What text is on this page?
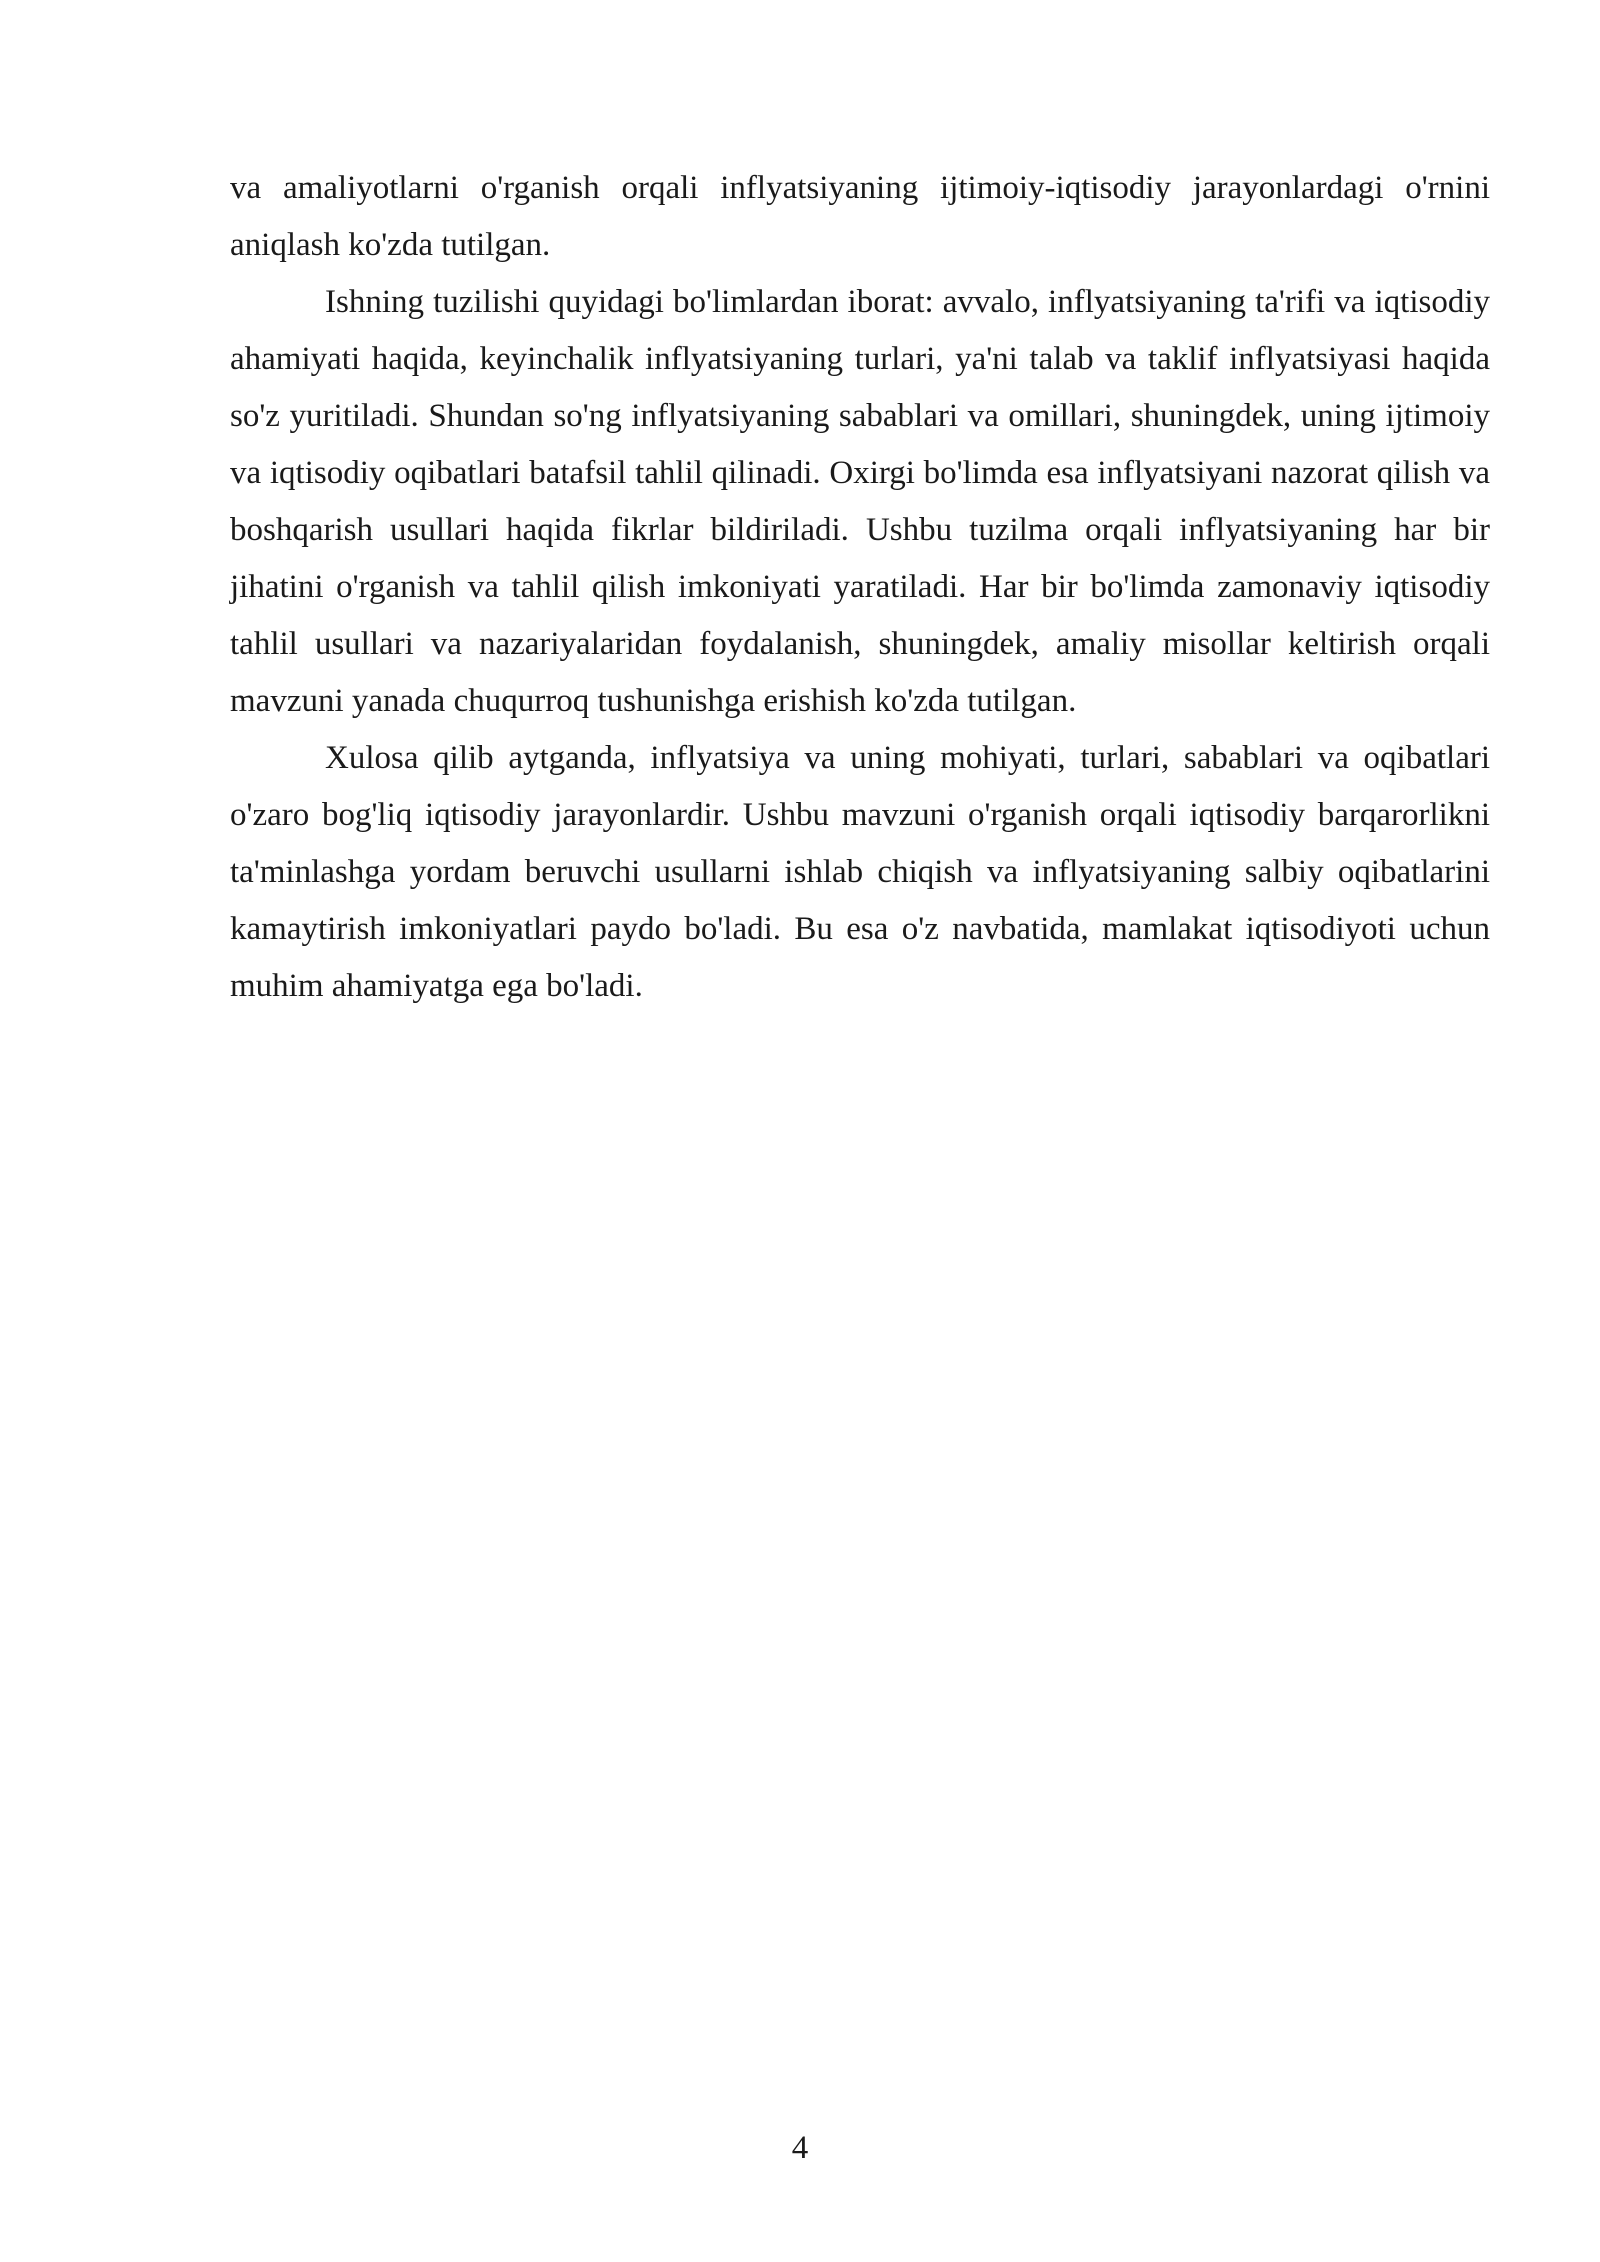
va amaliyotlarni o'rganish orqali inflyatsiyaning ijtimoiy-iqtisodiy jarayonlardagi o'rnini aniqlash ko'zda tutilgan.

Ishning tuzilishi quyidagi bo'limlardan iborat: avvalo, inflyatsiyaning ta'rifi va iqtisodiy ahamiyati haqida, keyinchalik inflyatsiyaning turlari, ya'ni talab va taklif inflyatsiyasi haqida so'z yuritiladi. Shundan so'ng inflyatsiyaning sabablari va omillari, shuningdek, uning ijtimoiy va iqtisodiy oqibatlari batafsil tahlil qilinadi. Oxirgi bo'limda esa inflyatsiyani nazorat qilish va boshqarish usullari haqida fikrlar bildiriladi. Ushbu tuzilma orqali inflyatsiyaning har bir jihatini o'rganish va tahlil qilish imkoniyati yaratiladi. Har bir bo'limda zamonaviy iqtisodiy tahlil usullari va nazariyalaridan foydalanish, shuningdek, amaliy misollar keltirish orqali mavzuni yanada chuqurroq tushunishga erishish ko'zda tutilgan.

Xulosa qilib aytganda, inflyatsiya va uning mohiyati, turlari, sabablari va oqibatlari o'zaro bog'liq iqtisodiy jarayonlardir. Ushbu mavzuni o'rganish orqali iqtisodiy barqarorlikni ta'minlashga yordam beruvchi usullarni ishlab chiqish va inflyatsiyaning salbiy oqibatlarini kamaytirish imkoniyatlari paydo bo'ladi. Bu esa o'z navbatida, mamlakat iqtisodiyoti uchun muhim ahamiyatga ega bo'ladi.

4
